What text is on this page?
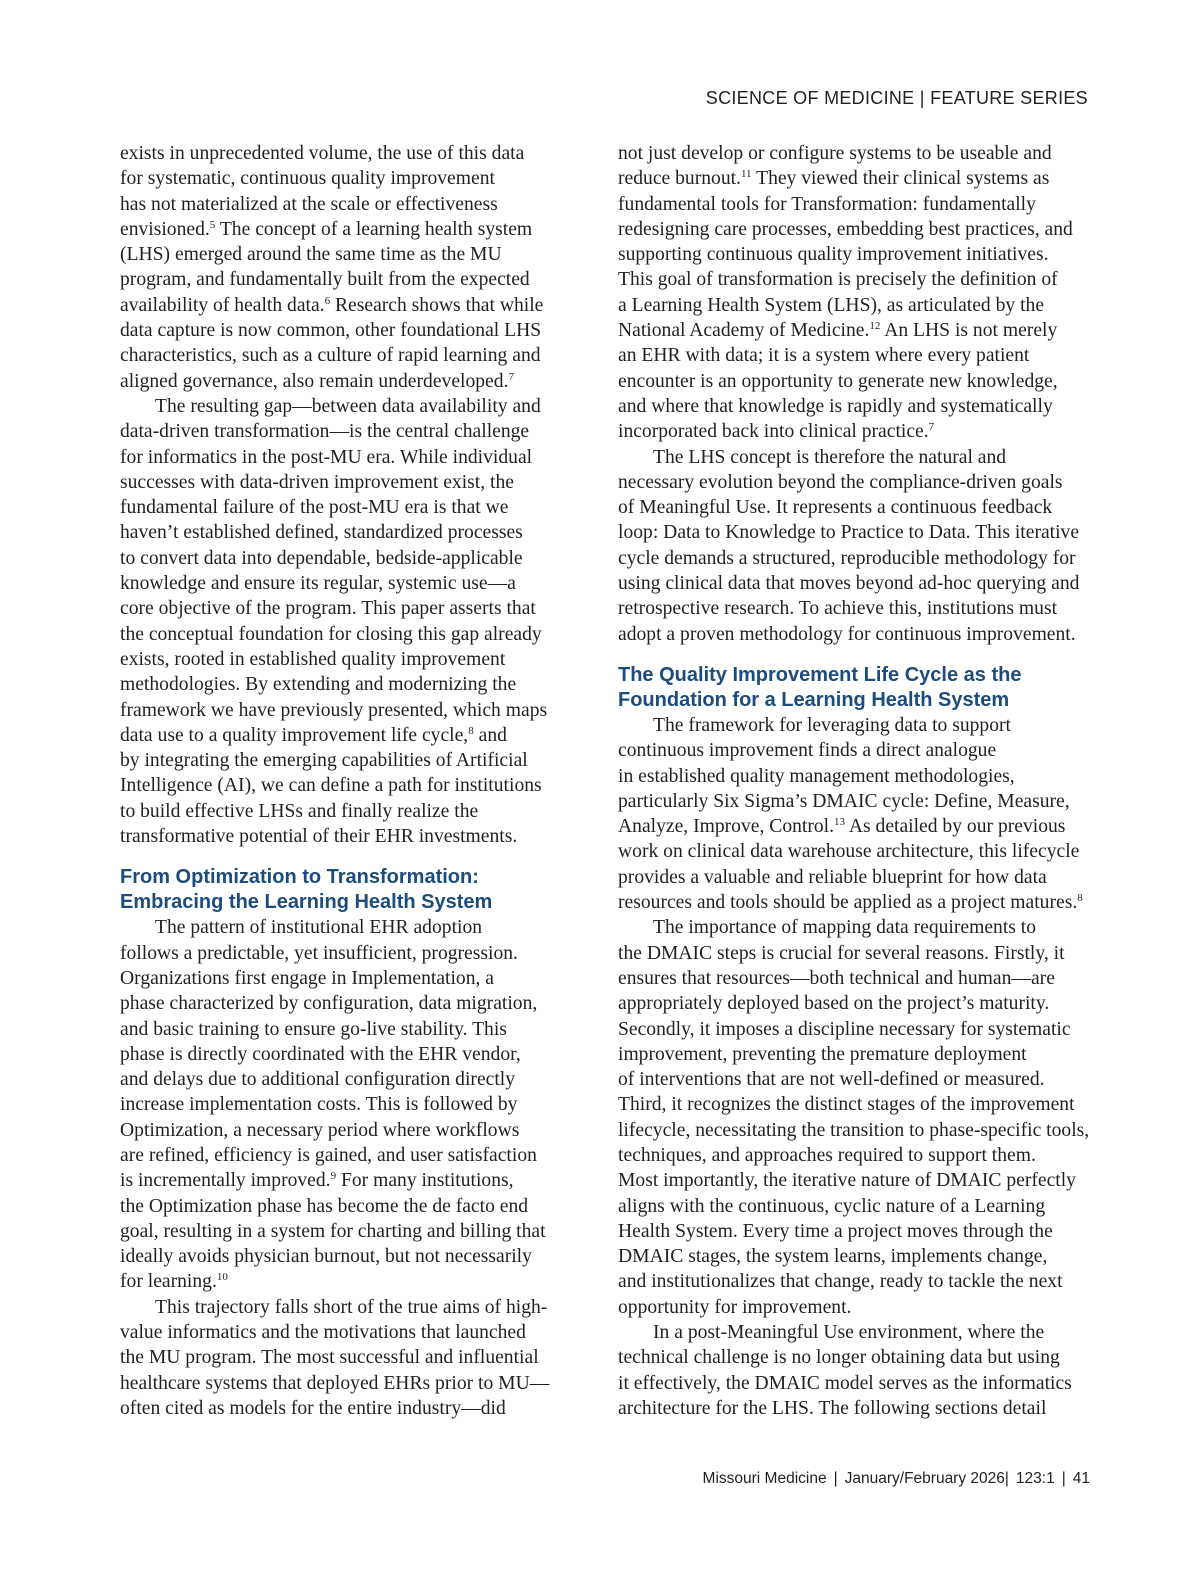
SCIENCE OF MEDICINE | FEATURE SERIES
exists in unprecedented volume, the use of this data
for systematic, continuous quality improvement
has not materialized at the scale or effectiveness
envisioned.$^5$ The concept of a learning health system
(LHS) emerged around the same time as the MU
program, and fundamentally built from the expected
availability of health data.$^6$ Research shows that while
data capture is now common, other foundational LHS
characteristics, such as a culture of rapid learning and
aligned governance, also remain underdeveloped.$^7$
The resulting gap—between data availability and
data-driven transformation—is the central challenge
for informatics in the post-MU era. While individual
successes with data-driven improvement exist, the
fundamental failure of the post-MU era is that we
haven’t established defined, standardized processes
to convert data into dependable, bedside-applicable
knowledge and ensure its regular, systemic use—a
core objective of the program. This paper asserts that
the conceptual foundation for closing this gap already
exists, rooted in established quality improvement
methodologies. By extending and modernizing the
framework we have previously presented, which maps
data use to a quality improvement life cycle,$^8$ and
by integrating the emerging capabilities of Artificial
Intelligence (AI), we can define a path for institutions
to build effective LHSs and finally realize the
transformative potential of their EHR investments.
From Optimization to Transformation:
Embracing the Learning Health System
The pattern of institutional EHR adoption
follows a predictable, yet insufficient, progression.
Organizations first engage in Implementation, a
phase characterized by configuration, data migration,
and basic training to ensure go-live stability. This
phase is directly coordinated with the EHR vendor,
and delays due to additional configuration directly
increase implementation costs. This is followed by
Optimization, a necessary period where workflows
are refined, efficiency is gained, and user satisfaction
is incrementally improved.$^9$ For many institutions,
the Optimization phase has become the de facto end
goal, resulting in a system for charting and billing that
ideally avoids physician burnout, but not necessarily
for learning.$^{10}$
This trajectory falls short of the true aims of high-
value informatics and the motivations that launched
the MU program. The most successful and influential
healthcare systems that deployed EHRs prior to MU—
often cited as models for the entire industry—did
not just develop or configure systems to be useable and
reduce burnout.$^{11}$ They viewed their clinical systems as
fundamental tools for Transformation: fundamentally
redesigning care processes, embedding best practices, and
supporting continuous quality improvement initiatives.
This goal of transformation is precisely the definition of
a Learning Health System (LHS), as articulated by the
National Academy of Medicine.$^{12}$ An LHS is not merely
an EHR with data; it is a system where every patient
encounter is an opportunity to generate new knowledge,
and where that knowledge is rapidly and systematically
incorporated back into clinical practice.$^7$
The LHS concept is therefore the natural and
necessary evolution beyond the compliance-driven goals
of Meaningful Use. It represents a continuous feedback
loop: Data to Knowledge to Practice to Data. This iterative
cycle demands a structured, reproducible methodology for
using clinical data that moves beyond ad-hoc querying and
retrospective research. To achieve this, institutions must
adopt a proven methodology for continuous improvement.
The Quality Improvement Life Cycle as the
Foundation for a Learning Health System
The framework for leveraging data to support
continuous improvement finds a direct analogue
in established quality management methodologies,
particularly Six Sigma’s DMAIC cycle: Define, Measure,
Analyze, Improve, Control.$^{13}$ As detailed by our previous
work on clinical data warehouse architecture, this lifecycle
provides a valuable and reliable blueprint for how data
resources and tools should be applied as a project matures.$^8$
The importance of mapping data requirements to
the DMAIC steps is crucial for several reasons. Firstly, it
ensures that resources—both technical and human—are
appropriately deployed based on the project’s maturity.
Secondly, it imposes a discipline necessary for systematic
improvement, preventing the premature deployment
of interventions that are not well-defined or measured.
Third, it recognizes the distinct stages of the improvement
lifecycle, necessitating the transition to phase-specific tools,
techniques, and approaches required to support them.
Most importantly, the iterative nature of DMAIC perfectly
aligns with the continuous, cyclic nature of a Learning
Health System. Every time a project moves through the
DMAIC stages, the system learns, implements change,
and institutionalizes that change, ready to tackle the next
opportunity for improvement.
In a post-Meaningful Use environment, where the
technical challenge is no longer obtaining data but using
it effectively, the DMAIC model serves as the informatics
architecture for the LHS. The following sections detail
Missouri Medicine | January/February 2026| 123:1 | 41
